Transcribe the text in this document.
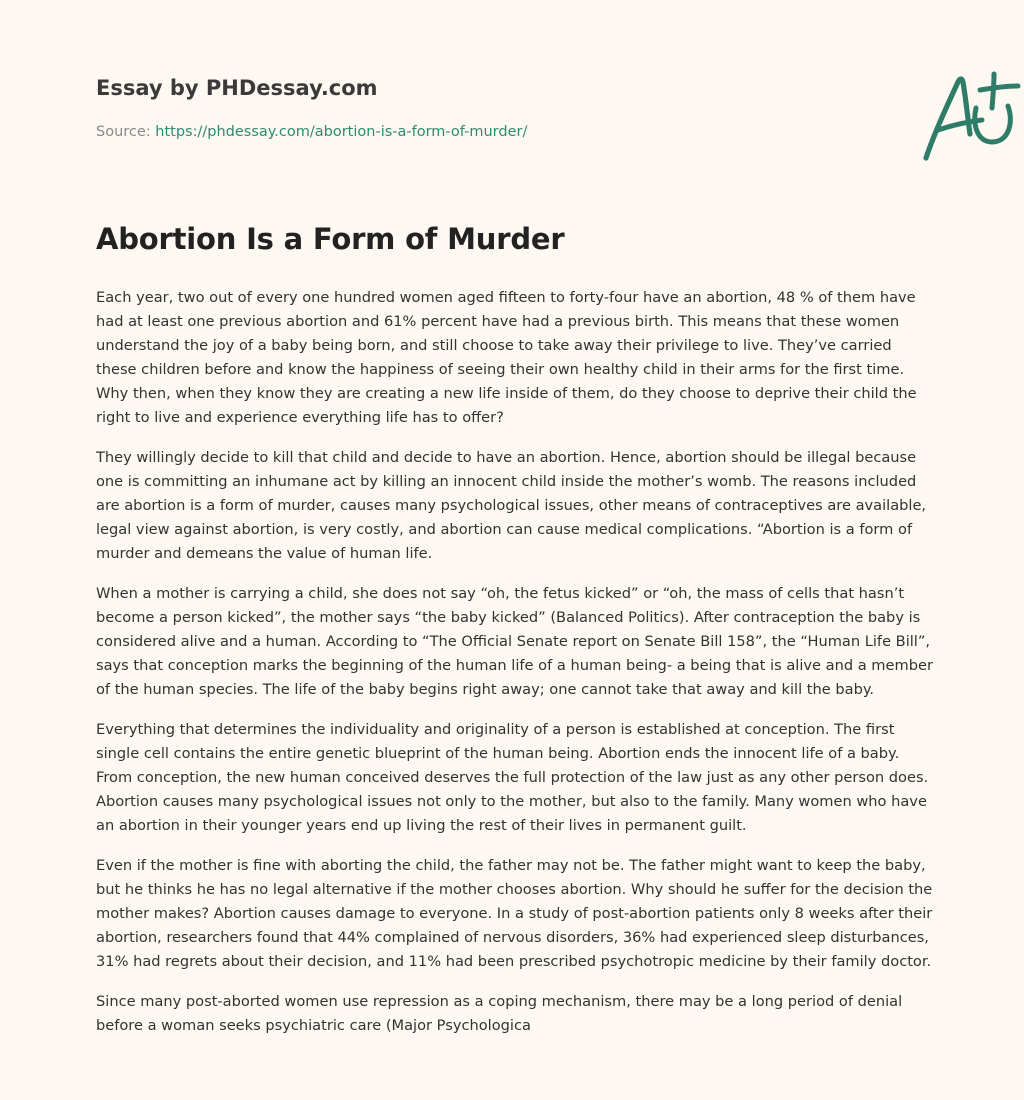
Essay by PHDessay.com
Source: https://phdessay.com/abortion-is-a-form-of-murder/
Abortion Is a Form of Murder

Each year, two out of every one hundred women aged fifteen to forty-four have an abortion, 48 % of them have had at least one previous abortion and 61% percent have had a previous birth. This means that these women understand the joy of a baby being born, and still choose to take away their privilege to live. They’ve carried these children before and know the happiness of seeing their own healthy child in their arms for the first time. Why then, when they know they are creating a new life inside of them, do they choose to deprive their child the right to live and experience everything life has to offer?

They willingly decide to kill that child and decide to have an abortion. Hence, abortion should be illegal because one is committing an inhumane act by killing an innocent child inside the mother’s womb. The reasons included are abortion is a form of murder, causes many psychological issues, other means of contraceptives are available, legal view against abortion, is very costly, and abortion can cause medical complications. “Abortion is a form of murder and demeans the value of human life.

When a mother is carrying a child, she does not say “oh, the fetus kicked” or “oh, the mass of cells that hasn’t become a person kicked”, the mother says “the baby kicked” (Balanced Politics). After contraception the baby is considered alive and a human. According to “The Official Senate report on Senate Bill 158”, the “Human Life Bill”, says that conception marks the beginning of the human life of a human being- a being that is alive and a member of the human species. The life of the baby begins right away; one cannot take that away and kill the baby.

Everything that determines the individuality and originality of a person is established at conception. The first single cell contains the entire genetic blueprint of the human being. Abortion ends the innocent life of a baby. From conception, the new human conceived deserves the full protection of the law just as any other person does. Abortion causes many psychological issues not only to the mother, but also to the family. Many women who have an abortion in their younger years end up living the rest of their lives in permanent guilt.

Even if the mother is fine with aborting the child, the father may not be. The father might want to keep the baby, but he thinks he has no legal alternative if the mother chooses abortion. Why should he suffer for the decision the mother makes? Abortion causes damage to everyone. In a study of post-abortion patients only 8 weeks after their abortion, researchers found that 44% complained of nervous disorders, 36% had experienced sleep disturbances, 31% had regrets about their decision, and 11% had been prescribed psychotropic medicine by their family doctor.

Since many post-aborted women use repression as a coping mechanism, there may be a long period of denial before a woman seeks psychiatric care (Major Psychologica
